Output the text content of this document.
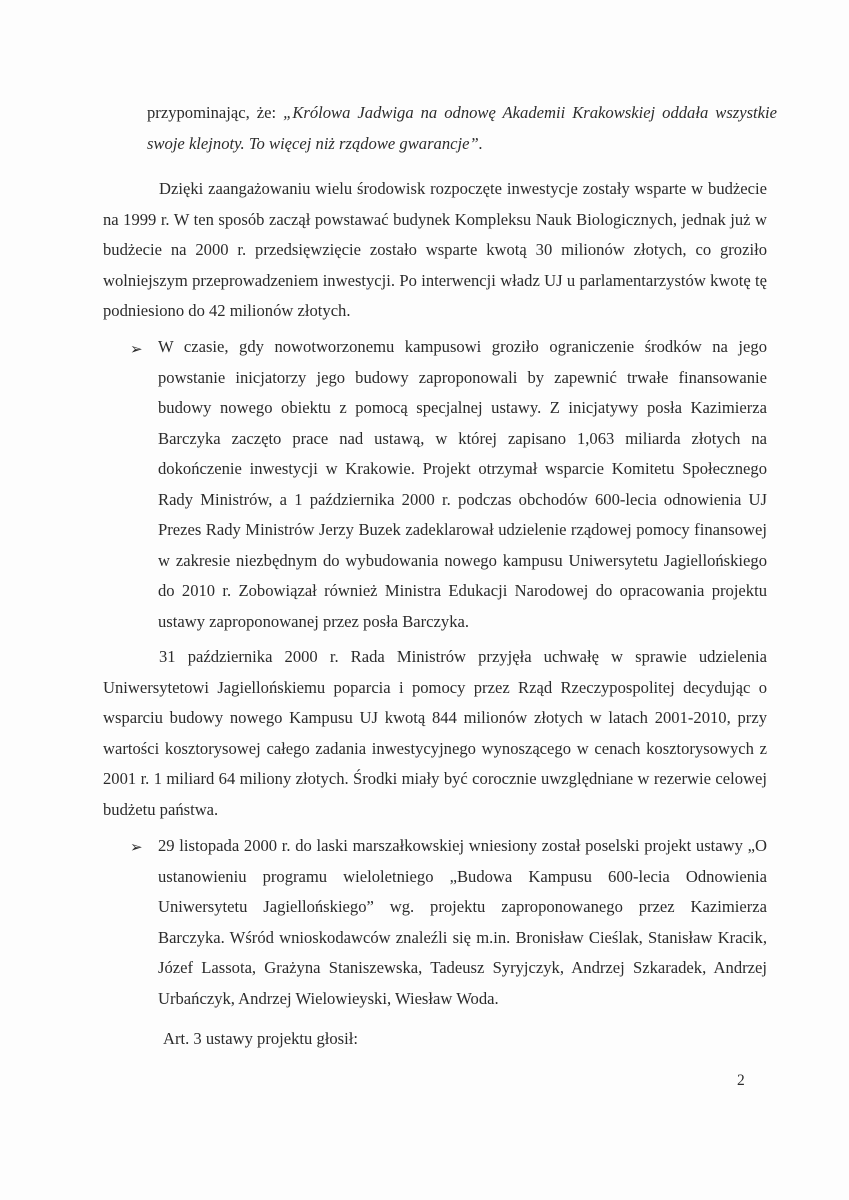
przypominając, że: „Królowa Jadwiga na odnowę Akademii Krakowskiej oddała wszystkie swoje klejnoty. To więcej niż rządowe gwarancje”.

Dzięki zaangażowaniu wielu środowisk rozpoczęte inwestycje zostały wsparte w budżecie na 1999 r. W ten sposób zaczął powstawać budynek Kompleksu Nauk Biologicznych, jednak już w budżecie na 2000 r. przedsięwzięcie zostało wsparte kwotą 30 milionów złotych, co groziło wolniejszym przeprowadzeniem inwestycji. Po interwencji władz UJ u parlamentarzystów kwotę tę podniesiono do 42 milionów złotych.

➢ W czasie, gdy nowotworzonemu kampusowi groziło ograniczenie środków na jego powstanie inicjatorzy jego budowy zaproponowali by zapewnić trwałe finansowanie budowy nowego obiektu z pomocą specjalnej ustawy. Z inicjatywy posła Kazimierza Barczyka zaczęto prace nad ustawą, w której zapisano 1,063 miliarda złotych na dokończenie inwestycji w Krakowie. Projekt otrzymał wsparcie Komitetu Społecznego Rady Ministrów, a 1 października 2000 r. podczas obchodów 600-lecia odnowienia UJ Prezes Rady Ministrów Jerzy Buzek zadeklarował udzielenie rządowej pomocy finansowej w zakresie niezbędnym do wybudowania nowego kampusu Uniwersytetu Jagiellońskiego do 2010 r. Zobowiązał również Ministra Edukacji Narodowej do opracowania projektu ustawy zaproponowanej przez posła Barczyka.

31 października 2000 r. Rada Ministrów przyjęła uchwałę w sprawie udzielenia Uniwersytetowi Jagiellońskiemu poparcia i pomocy przez Rząd Rzeczypospolitej decydując o wsparciu budowy nowego Kampusu UJ kwotą 844 milionów złotych w latach 2001-2010, przy wartości kosztorysowej całego zadania inwestycyjnego wynoszącego w cenach kosztorysowych z 2001 r. 1 miliard 64 miliony złotych. Środki miały być corocznie uwzględniane w rezerwie celowej budżetu państwa.

➢ 29 listopada 2000 r. do laski marszałkowskiej wniesiony został poselski projekt ustawy „O ustanowieniu programu wieloletniego „Budowa Kampusu 600-lecia Odnowienia Uniwersytetu Jagiellońskiego” wg. projektu zaproponowanego przez Kazimierza Barczyka. Wśród wnioskodawców znaleźli się m.in. Bronisław Cieślak, Stanisław Kracik, Józef Lassota, Grażyna Staniszewska, Tadeusz Syryjczyk, Andrzej Szkaradek, Andrzej Urbańczyk, Andrzej Wielowieyski, Wiesław Woda.

Art. 3 ustawy projektu głosił:

2
